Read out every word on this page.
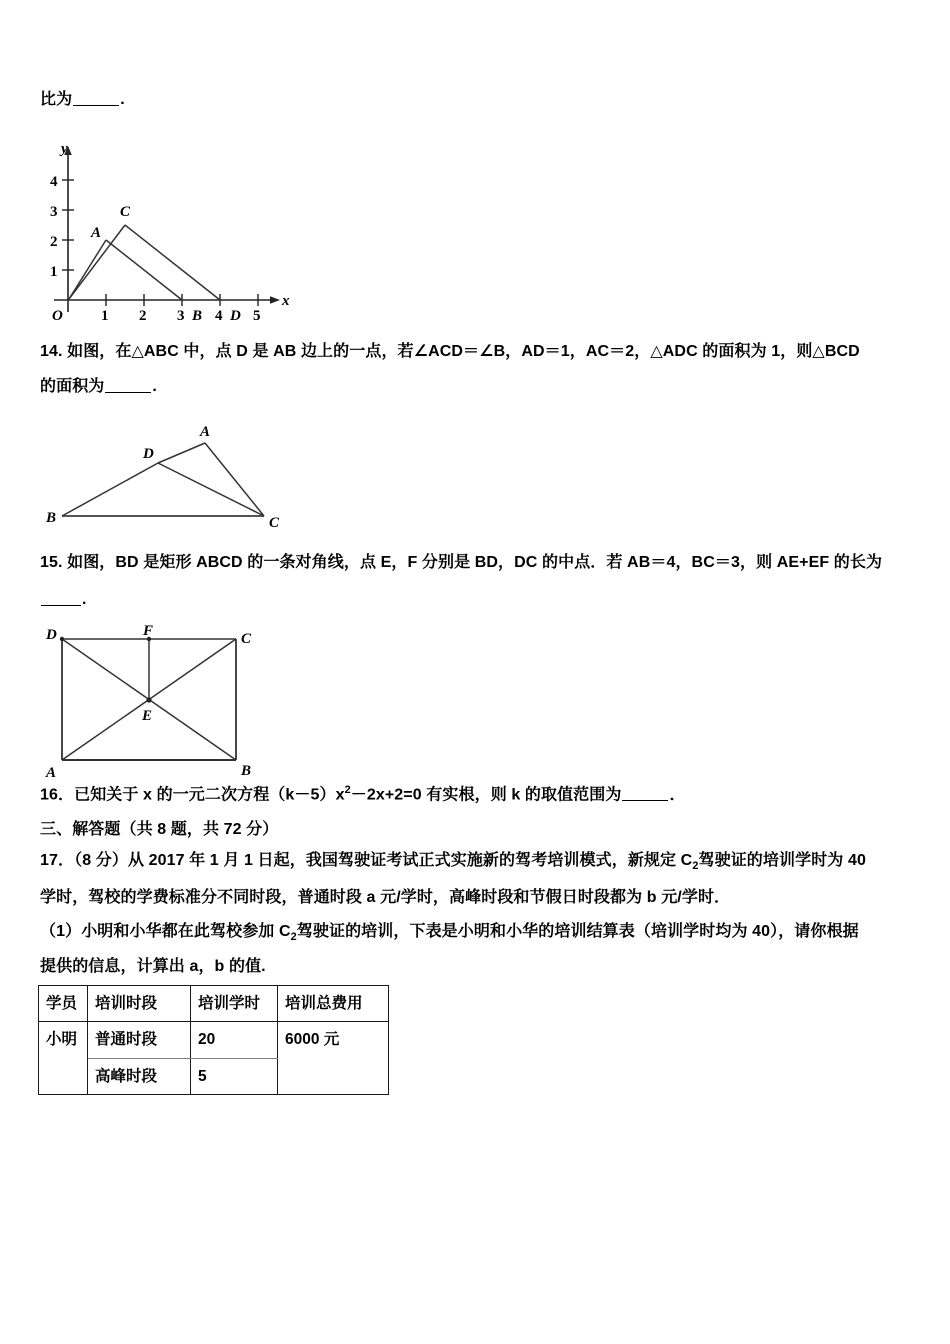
比为	.
4
3
2
1
1 2 3 4 5
O
x
y
A
C
B D
14. 如图，在△ABC 中，点 D 是 AB 边上的一点，若∠ACD＝∠B，AD＝1，AC＝2，△ADC 的面积为 1，则△BCD
的面积为	.
A
D
B	C
15. 如图，BD 是矩形 ABCD 的一条对角线，点 E，F 分别是 BD，DC 的中点．若 AB＝4，BC＝3，则 AE+EF 的长为
.
D	F	C
E
A	B
16．已知关于 x 的一元二次方程$(k-5)x^2-2x+2=0$ 有实根，则 k 的取值范围为	．
三、解答题（共 8 题，共 72 分）
17．（8 分）从 2017 年 1 月 1 日起，我国驾驶证考试正式实施新的驾考培训模式，新规定 $C_2$驾驶证的培训学时为 40
学时，驾校的学费标准分不同时段，普通时段 a 元/学时，高峰时段和节假日时段都为 b 元/学时．
（1）小明和小华都在此驾校参加 $C_2$驾驶证的培训，下表是小明和小华的培训结算表（培训学时均为 40），请你根据
提供的信息，计算出 a，b 的值.
学员	培训时段	培训学时	培训总费用
小明	普通时段	20	6000 元
	高峰时段	5	
